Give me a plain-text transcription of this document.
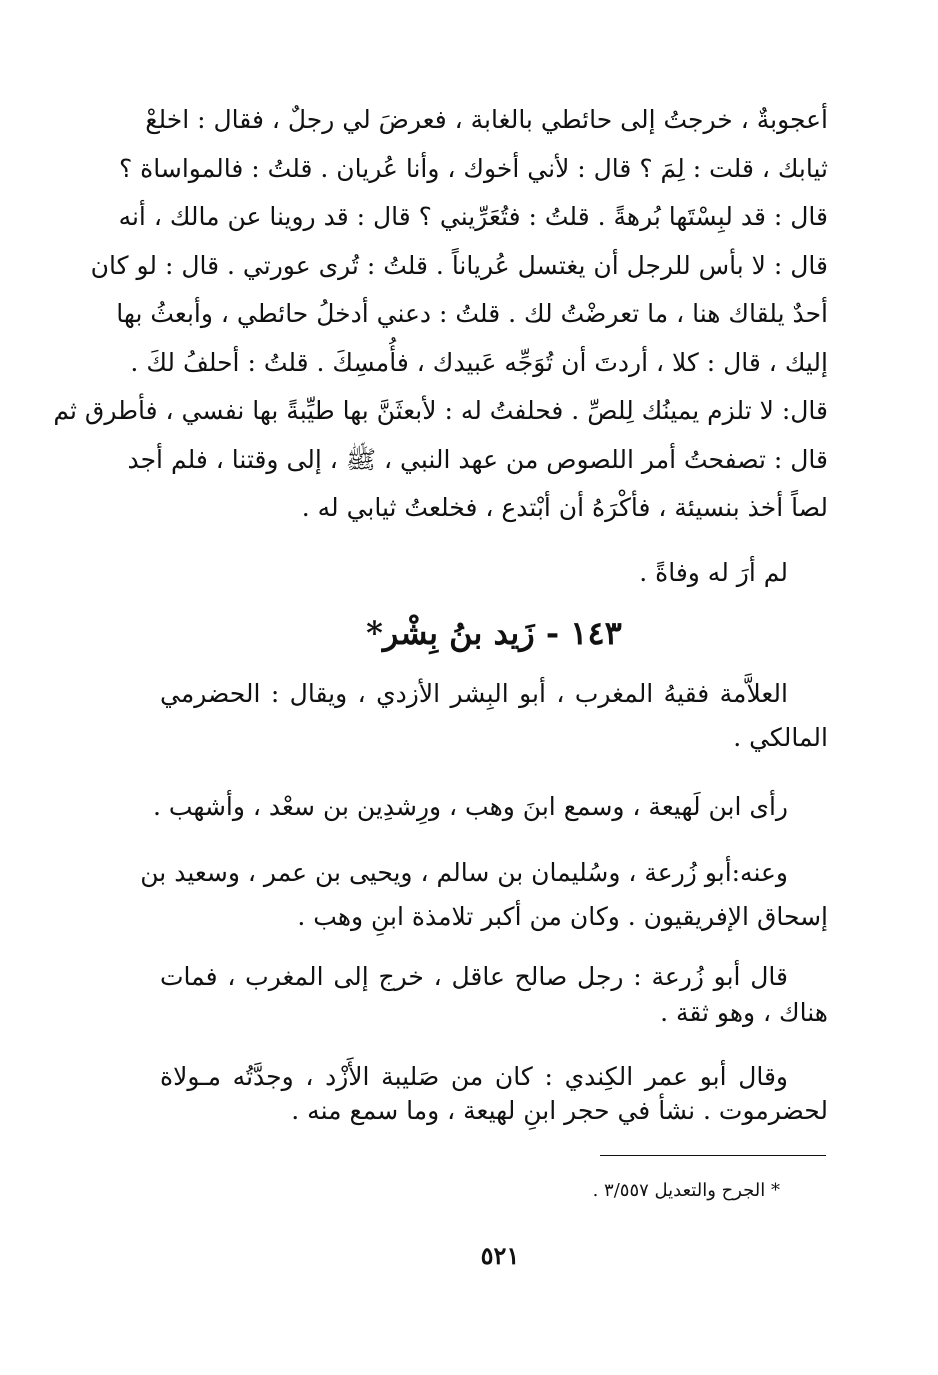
أعجوبةٌ ، خرجتُ إلى حائطي بالغابة ، فعرضَ لي رجلٌ ، فقال : اخلعْ
ثيابك ، قلت : لِمَ ؟ قال : لأني أخوك ، وأنا عُريان . قلتُ : فالمواساة ؟
قال : قد لبِسْتَها بُرهةً . قلتُ : فتُعَرِّيني ؟ قال : قد روينا عن مالك ، أنه
قال : لا بأس للرجل أن يغتسل عُرياناً . قلتُ : تُرى عورتي . قال : لو كان
أحدٌ يلقاك هنا ، ما تعرضْتُ لك . قلتُ : دعني أدخلُ حائطي ، وأبعثُ بها
إليك ، قال : كلا ، أردتَ أن تُوَجِّه عَبيدك ، فأُمسِكَ . قلتُ : أحلفُ لكَ .
قال: لا تلزم يمينُك لِلصِّ . فحلفتُ له : لأبعثَنَّ بها طيِّبةً بها نفسي ، فأطرق ثم
قال : تصفحتُ أمر اللصوص من عهد النبي ، ﷺ ، إلى وقتنا ، فلم أجد
لصاً أخذ بنسيئة ، فأكْرَهُ أن أبْتدع ، فخلعتُ ثيابي له .
لم أرَ له وفاةً .
١٤٣ - زَيد بنُ بِشْر*
العلاَّمة فقيهُ المغرب ، أبو البِشر الأزدي ، ويقال : الحضرمي
المالكي .
رأى ابن لَهيعة ، وسمع ابنَ وهب ، ورِشدِين بن سعْد ، وأشهب .
وعنه:أبو زُرعة ، وسُليمان بن سالم ، ويحيى بن عمر ، وسعيد بن
إسحاق الإفريقيون . وكان من أكبر تلامذة ابنِ وهب .
قال أبو زُرعة : رجل صالح عاقل ، خرج إلى المغرب ، فمات
هناك ، وهو ثقة .
وقال أبو عمر الكِندي : كان من صَليبة الأَزْد ، وجدَّتُه مـولاة
لحضرموت . نشأ في حجر ابنِ لهيعة ، وما سمع منه .
* الجرح والتعديل ٣/٥٥٧ .
٥٢١
